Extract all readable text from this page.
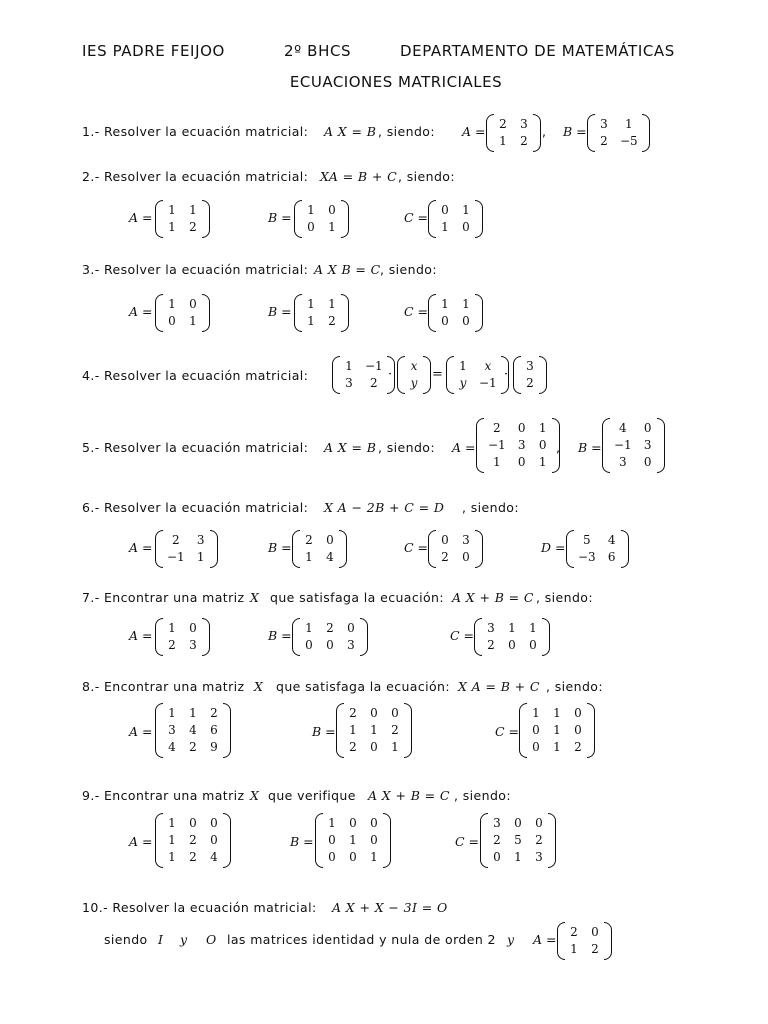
IES PADRE FEIJOO	2º BHCS	DEPARTAMENTO DE MATEMÁTICAS
ECUACIONES MATRICIALES
1.- Resolver la ecuación matricial: A X = B , siendo: A = 2 3
1 2
, B = 3	1
2 −5
2.- Resolver la ecuación matricial: XA = B + C , siendo:
A = 1 1
1 2
B = 1 0
0 1
C = 0 1
1 0
3.- Resolver la ecuación matricial: A X B = C , siendo:
A = 1 0
0 1
B = 1 1
1 2
C = 1 1
0 0
4.- Resolver la ecuación matricial:
1 −1
3	2
·
x
y
=
1	x
y −1
·
3
2
5.- Resolver la ecuación matricial: A X = B , siendo: A =
2	0 1
−1 3 0
1	0 1
, B =
4	0
−1 3
3	0
6.- Resolver la ecuación matricial: X A − 2B + C = D , siendo:
A =	2	3
−1 1
B = 2 0
1 4
C = 0 3
2 0
D =	5	4
−3 6
7.- Encontrar una matriz X que satisfaga la ecuación: A X + B = C , siendo:
A = 1 0
2 3
B = 1 2 0
0 0 3
C = 3 1 1
2 0 0
8.- Encontrar una matriz X que satisfaga la ecuación: X A = B + C , siendo:
A =
1 1 2
3 4 6
4 2 9
B =
2 0 0
1 1 2
2 0 1
C =
1 1 0
0 1 0
0 1 2
9.- Encontrar una matriz X que verifique A X + B = C , siendo:
A =
1 0 0
1 2 0
1 2 4
B =
1 0 0
0 1 0
0 0 1
C =
3 0 0
2 5 2
0 1 3
10.- Resolver la ecuación matricial: A X + X − 3I = O
siendo I y O las matrices identidad y nula de orden 2 y A = 2 0
1 2
